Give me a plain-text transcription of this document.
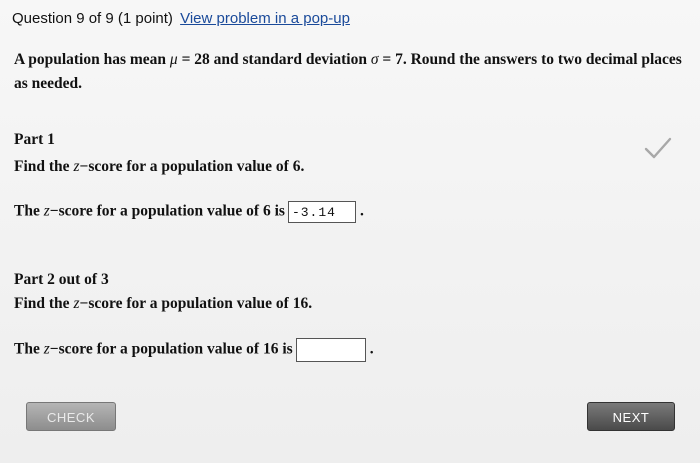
Question 9 of 9 (1 point) View problem in a pop-up
A population has mean μ = 28 and standard deviation σ = 7. Round the answers to two decimal places as needed.
Part 1
Find the z−score for a population value of 6.
The z−score for a population value of 6 is -3.14 .
Part 2 out of 3
Find the z−score for a population value of 16.
The z−score for a population value of 16 is	.
CHECK	NEXT
